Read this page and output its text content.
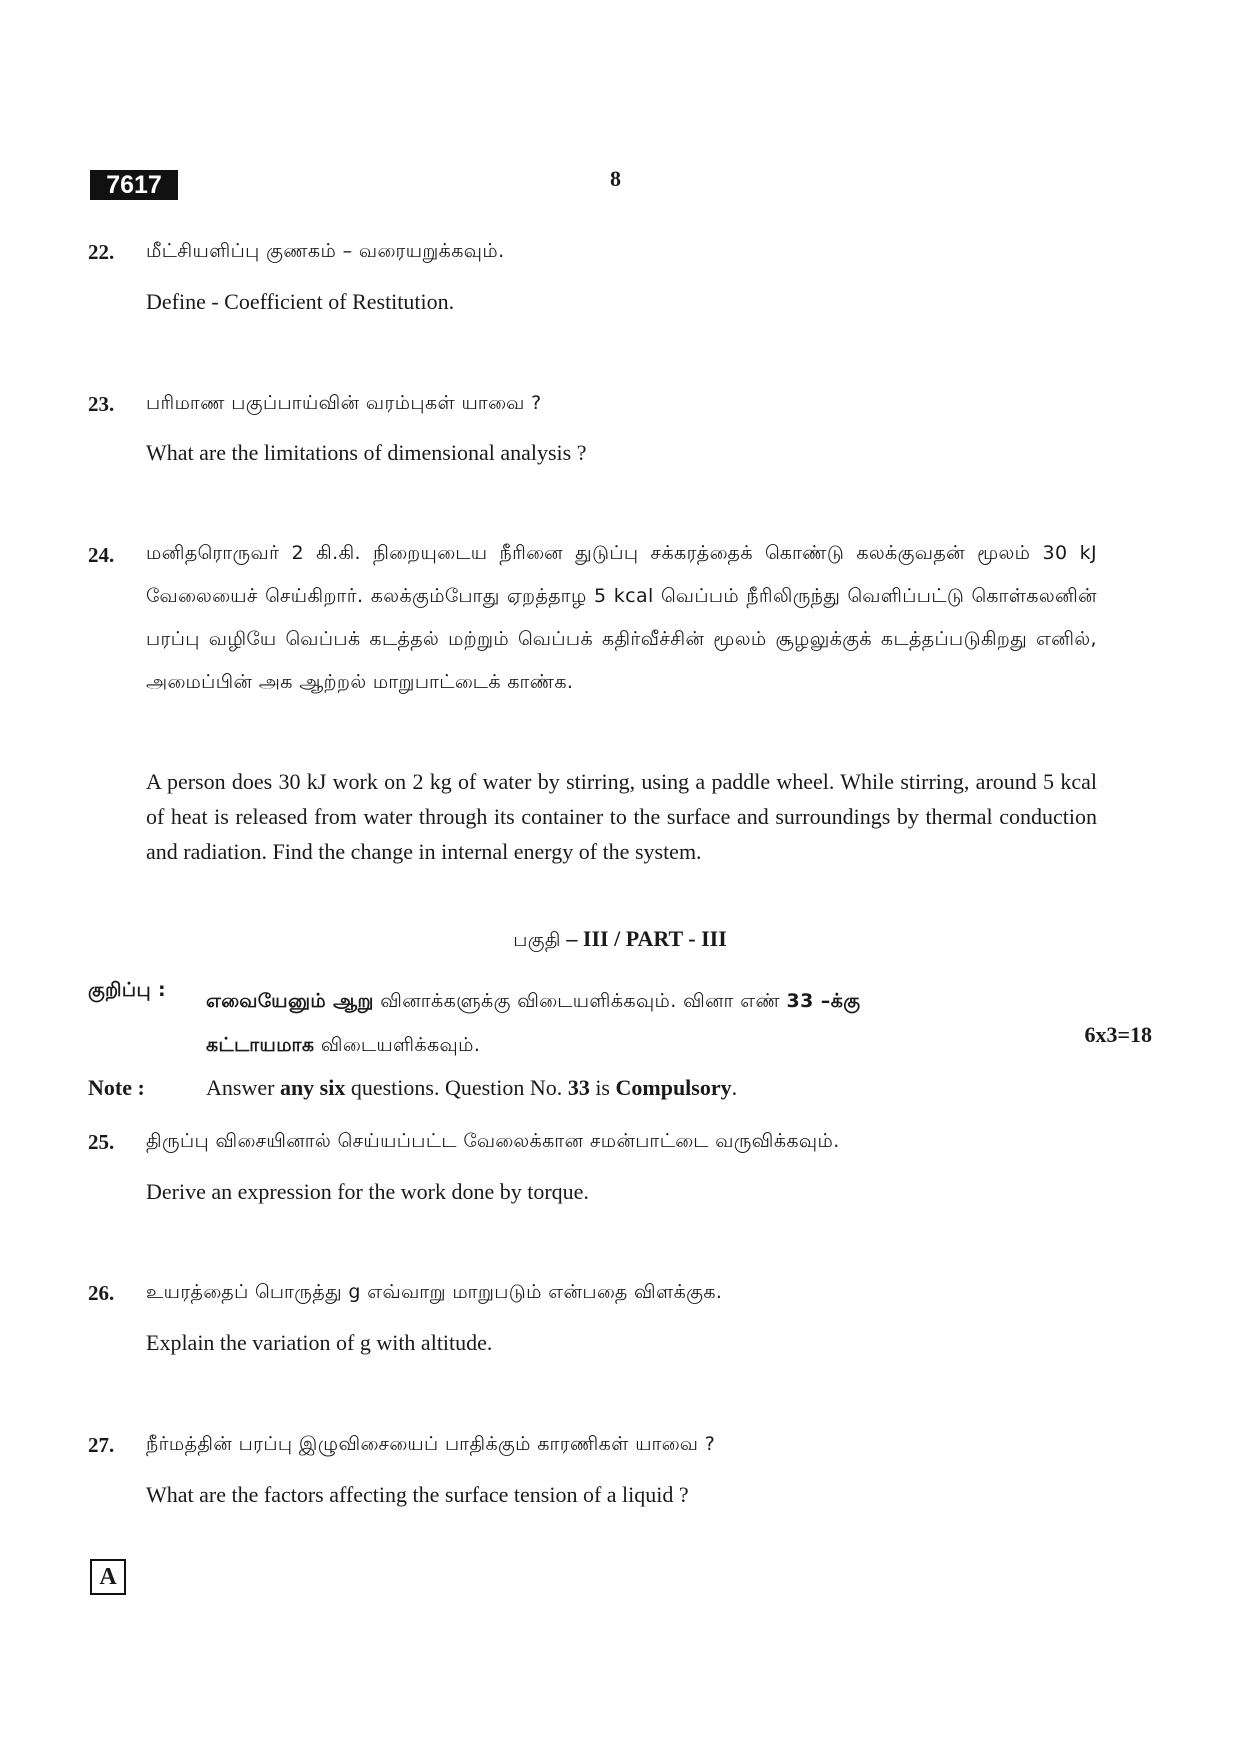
7617	8
22. மீட்சியளிப்பு குணகம் – வரையறுக்கவும்.
Define - Coefficient of Restitution.
23. பரிமாண பகுப்பாய்வின் வரம்புகள் யாவை ?
What are the limitations of dimensional analysis ?
24. மனிதரொருவர் 2 கி.கி. நிறையுடைய நீரினை துடுப்பு சக்கரத்தைக் கொண்டு கலக்குவதன் மூலம் 30 kJ வேலையைச் செய்கிறார். கலக்கும்போது ஏறத்தாழ 5 kcal வெப்பம் நீரிலிருந்து வெளிப்பட்டு கொள்கலனின் பரப்பு வழியே வெப்பக் கடத்தல் மற்றும் வெப்பக் கதிர்வீச்சின் மூலம் சூழலுக்குக் கடத்தப்படுகிறது எனில், அமைப்பின் அக ஆற்றல் மாறுபாட்டைக் காண்க.
A person does 30 kJ work on 2 kg of water by stirring, using a paddle wheel. While stirring, around 5 kcal of heat is released from water through its container to the surface and surroundings by thermal conduction and radiation. Find the change in internal energy of the system.
பகுதி – III / PART - III
குறிப்பு : எவையேனும் ஆறு வினாக்களுக்கு விடையளிக்கவும். வினா எண் 33 –க்கு
கட்டாயமாக விடையளிக்கவும்.	6x3=18
Note :	Answer any six questions. Question No. 33 is Compulsory.
25. திருப்பு விசையினால் செய்யப்பட்ட வேலைக்கான சமன்பாட்டை வருவிக்கவும்.
Derive an expression for the work done by torque.
26. உயரத்தைப் பொருத்து g எவ்வாறு மாறுபடும் என்பதை விளக்குக.
Explain the variation of g with altitude.
27. நீர்மத்தின் பரப்பு இழுவிசையைப் பாதிக்கும் காரணிகள் யாவை ?
What are the factors affecting the surface tension of a liquid ?
A
